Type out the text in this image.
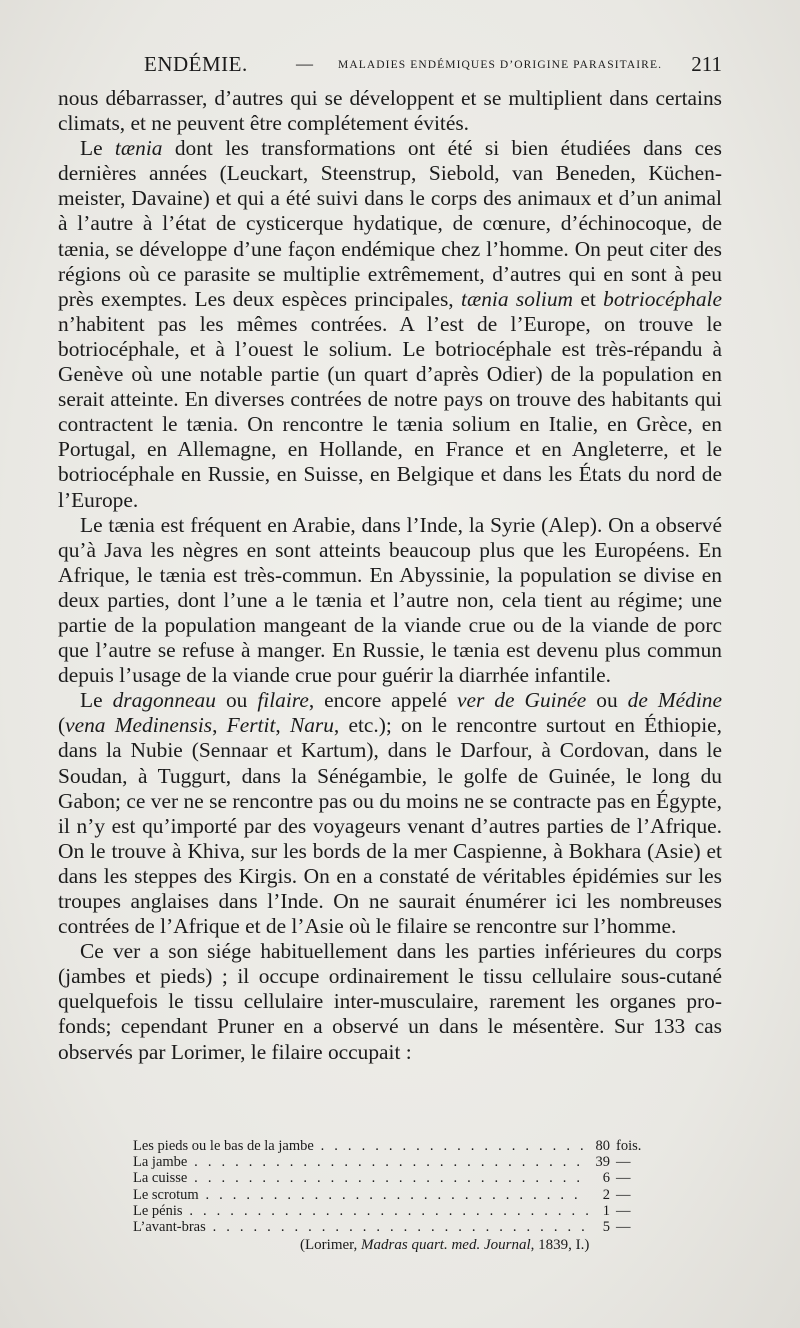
ENDÉMIE.	— MALADIES ENDÉMIQUES D’ORIGINE PARASITAIRE. 211

nous débarrasser, d’autres qui se développent et se multiplient dans certains climats, et ne peuvent être complétement évités.

Le tænia dont les transformations ont été si bien étudiées dans ces dernières années (Leuckart, Steenstrup, Siebold, van Beneden, Küchenmeister, Davaine) et qui a été suivi dans le corps des animaux et d’un animal à l’autre à l’état de cysticerque hydatique, de cœnure, d’échinocoque, de tænia, se développe d’une façon endémique chez l’homme. On peut citer des régions où ce parasite se multiplie extrêmement, d’autres qui en sont à peu près exemptes. Les deux espèces principales, tænia solium et botriocéphale n’habitent pas les mêmes contrées. A l’est de l’Europe, on trouve le botriocéphale, et à l’ouest le solium. Le botriocéphale est très-répandu à Genève où une notable partie (un quart d’après Odier) de la population en serait atteinte. En diverses contrées de notre pays on trouve des habitants qui contractent le tænia. On rencontre le tænia solium en Italie, en Grèce, en Portugal, en Allemagne, en Hollande, en France et en Angleterre, et le botriocéphale en Russie, en Suisse, en Belgique et dans les États du nord de l’Europe.

Le tænia est fréquent en Arabie, dans l’Inde, la Syrie (Alep). On a observé qu’à Java les nègres en sont atteints beaucoup plus que les Européens. En Afrique, le tænia est très-commun. En Abyssinie, la population se divise en deux parties, dont l’une a le tænia et l’autre non, cela tient au régime; une partie de la population mangeant de la viande crue ou de la viande de porc que l’autre se refuse à manger. En Russie, le tænia est devenu plus commun depuis l’usage de la viande crue pour guérir la diarrhée infantile.

Le dragonneau ou filaire, encore appelé ver de Guinée ou de Médine (vena Medinensis, Fertit, Naru, etc.); on le rencontre surtout en Éthiopie, dans la Nubie (Sennaar et Kartum), dans le Darfour, à Cordovan, dans le Soudan, à Tuggurt, dans la Sénégambie, le golfe de Guinée, le long du Gabon; ce ver ne se rencontre pas ou du moins ne se contracte pas en Égypte, il n’y est qu’importé par des voyageurs venant d’autres parties de l’Afrique. On le trouve à Khiva, sur les bords de la mer Caspienne, à Bokhara (Asie) et dans les steppes des Kirgis. On en a constaté de véritables épidémies sur les troupes anglaises dans l’Inde. On ne saurait énumérer ici les nombreuses contrées de l’Afrique et de l’Asie où le filaire se rencontre sur l’homme.

Ce ver a son siége habituellement dans les parties inférieures du corps (jambes et pieds) ; il occupe ordinairement le tissu cellulaire sous-cutané quelquefois le tissu cellulaire inter-musculaire, rarement les organes profonds; cependant Pruner en a observé un dans le mésentère. Sur 133 cas observés par Lorimer, le filaire occupait :

Les pieds ou le bas de la jambe . . .	80 fois.
La jambe . . .	39 —
La cuisse . . .	6 —
Le scrotum . . .	2 —
Le pénis . . .	1 —
L’avant-bras . . .	5 —
(Lorimer, Madras quart. med. Journal, 1839, I.)
